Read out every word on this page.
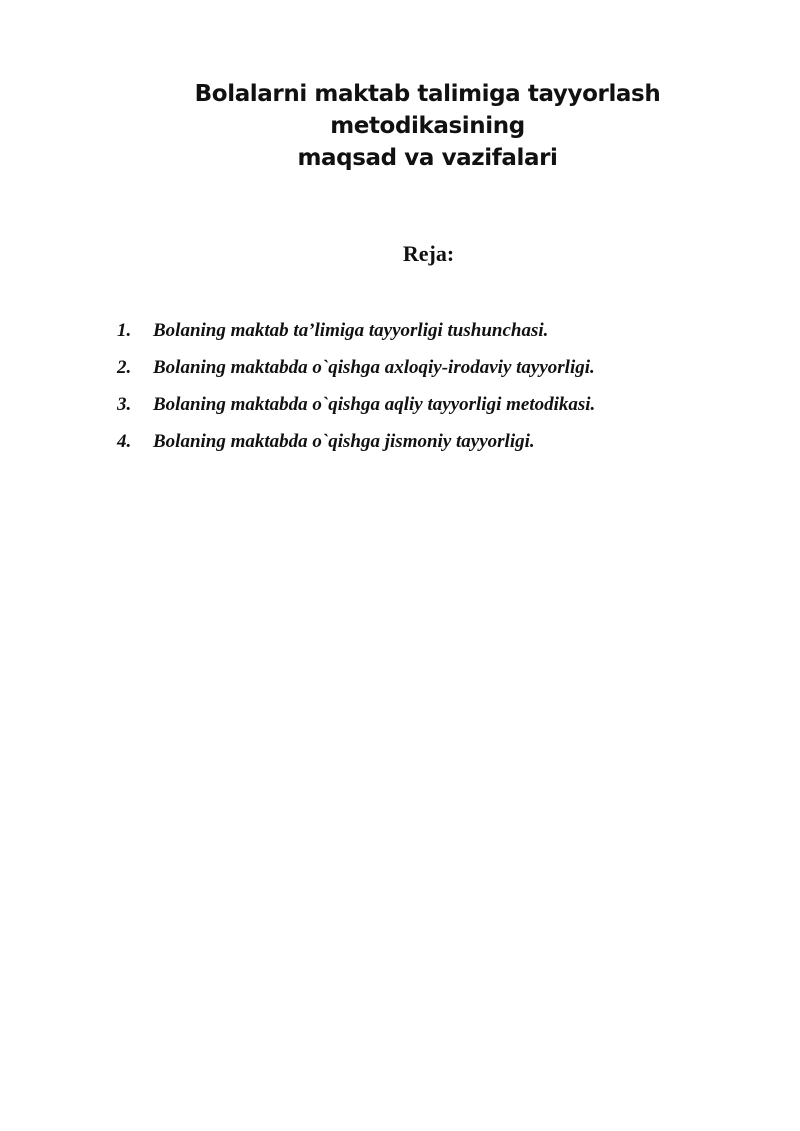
Bolalarni maktab talimiga tayyorlash metodikasining
maqsad va vazifalari
Reja:
1.	Bolaning maktab ta’limiga tayyorligi tushunchasi.
2.	Bolaning maktabda o`qishga axloqiy-irodaviy tayyorligi.
3.	Bolaning maktabda o`qishga aqliy tayyorligi metodikasi.
4.	Bolaning maktabda o`qishga jismoniy tayyorligi.
